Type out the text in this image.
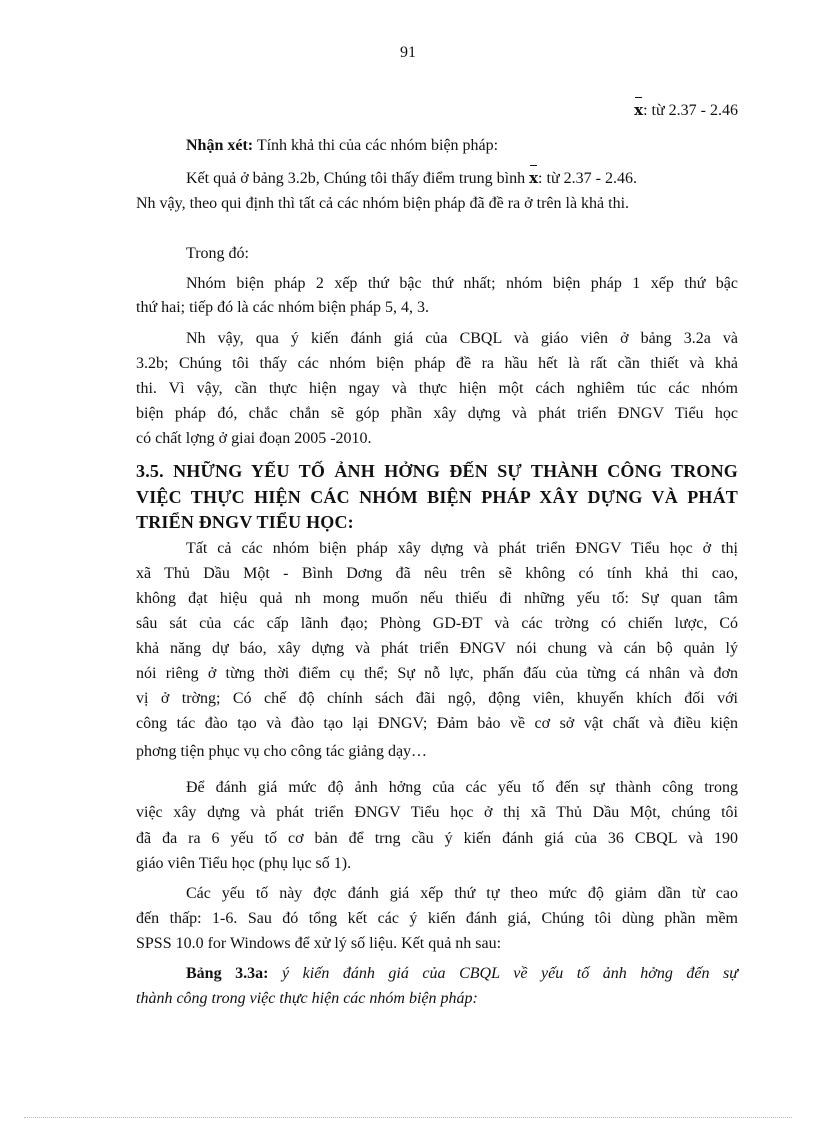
91
x: từ 2.37 - 2.46
Nhận xét: Tính khả thi của các nhóm biện pháp:
Kết quả ở bảng 3.2b, Chúng tôi thấy điểm trung bình x: từ 2.37 - 2.46.
Nh vậy, theo qui định thì tất cả các nhóm biện pháp đã đề ra ở trên là khả thi.
Trong đó:
Nhóm biện pháp 2 xếp thứ bậc thứ nhất; nhóm biện pháp 1 xếp thứ bậc
thứ hai; tiếp đó là các nhóm biện pháp 5, 4, 3.
Nh vậy, qua ý kiến đánh giá của CBQL và giáo viên ở bảng 3.2a và
3.2b; Chúng tôi thấy các nhóm biện pháp đề ra hầu hết là rất cần thiết và khả
thi. Vì vậy, cần thực hiện ngay và thực hiện một cách nghiêm túc các nhóm
biện pháp đó, chắc chắn sẽ góp phần xây dựng và phát triển ĐNGV Tiểu học
có chất lợng ở giai đoạn 2005 -2010.
3.5. NHỮNG YẾU TỐ ẢNH HỞNG ĐẾN SỰ THÀNH CÔNG TRONG
VIỆC THỰC HIỆN CÁC NHÓM BIỆN PHÁP XÂY DỰNG VÀ PHÁT
TRIỂN ĐNGV TIỂU HỌC:
Tất cả các nhóm biện pháp xây dựng và phát triển ĐNGV Tiểu học ở thị
xã Thủ Dầu Một - Bình Dơng đã nêu trên sẽ không có tính khả thi cao,
không đạt hiệu quả nh mong muốn nếu thiếu đi những yếu tố: Sự quan tâm
sâu sát của các cấp lãnh đạo; Phòng GD-ĐT và các trờng có chiến lược, Có
khả năng dự báo, xây dựng và phát triển ĐNGV nói chung và cán bộ quản lý
nói riêng ở từng thời điểm cụ thể; Sự nỗ lực, phấn đấu của từng cá nhân và đơn
vị ở trờng; Có chế độ chính sách đãi ngộ, động viên, khuyến khích đối với
công tác đào tạo và đào tạo lại ĐNGV; Đảm bảo về cơ sở vật chất và điều kiện
phơng tiện phục vụ cho công tác giảng dạy…
Để đánh giá mức độ ảnh hởng của các yếu tố đến sự thành công trong
việc xây dựng và phát triển ĐNGV Tiểu học ở thị xã Thủ Dầu Một, chúng tôi
đã đa ra 6 yếu tố cơ bản để trng cầu ý kiến đánh giá của 36 CBQL và 190
giáo viên Tiểu học (phụ lục số 1).
Các yếu tố này đợc đánh giá xếp thứ tự theo mức độ giảm dần từ cao
đến thấp: 1-6. Sau đó tổng kết các ý kiến đánh giá, Chúng tôi dùng phần mềm
SPSS 10.0 for Windows để xử lý số liệu. Kết quả nh sau:
Bảng 3.3a: ý kiến đánh giá của CBQL về yếu tố ảnh hởng đến sự
thành công trong việc thực hiện các nhóm biện pháp:
